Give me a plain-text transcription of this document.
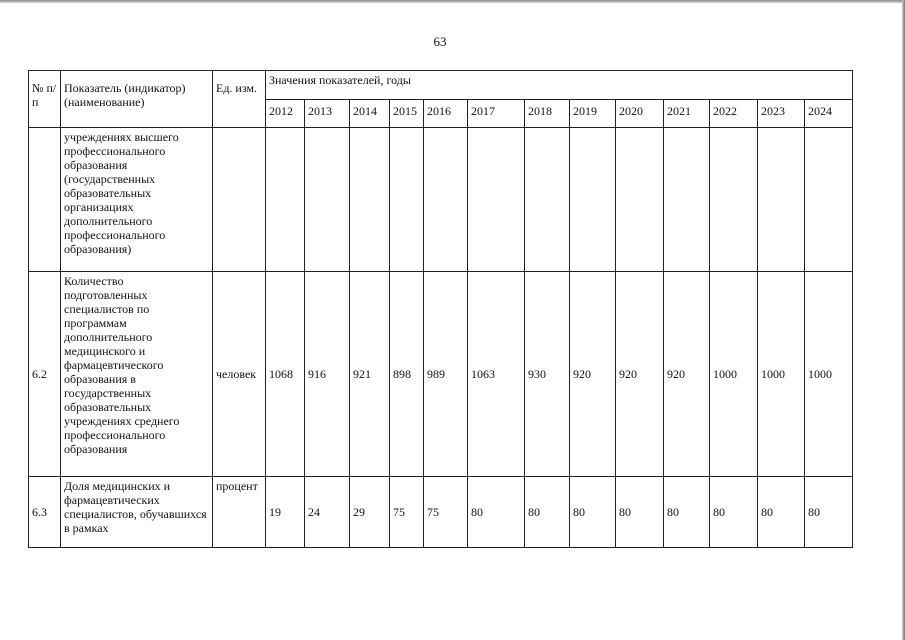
63
№ п/п	Показатель (индикатор) (наименование)	Ед. изм.	Значения показателей, годы												
			2012	2013	2014	2015	2016	2017	2018	2019	2020	2021	2022	2023	2024
	учреждениях высшего профессионального образования (государственных образовательных организациях дополнительного профессионального образования)														
6.2	Количество подготовленных специалистов по программам дополнительного медицинского и фармацевтического образования в государственных образовательных учреждениях среднего профессионального образования	человек	1068	916	921	898	989	1063	930	920	920	920	1000	1000	1000
6.3	Доля медицинских и фармацевтических специалистов, обучавшихся в рамках	процент	19	24	29	75	75	80	80	80	80	80	80	80	80
